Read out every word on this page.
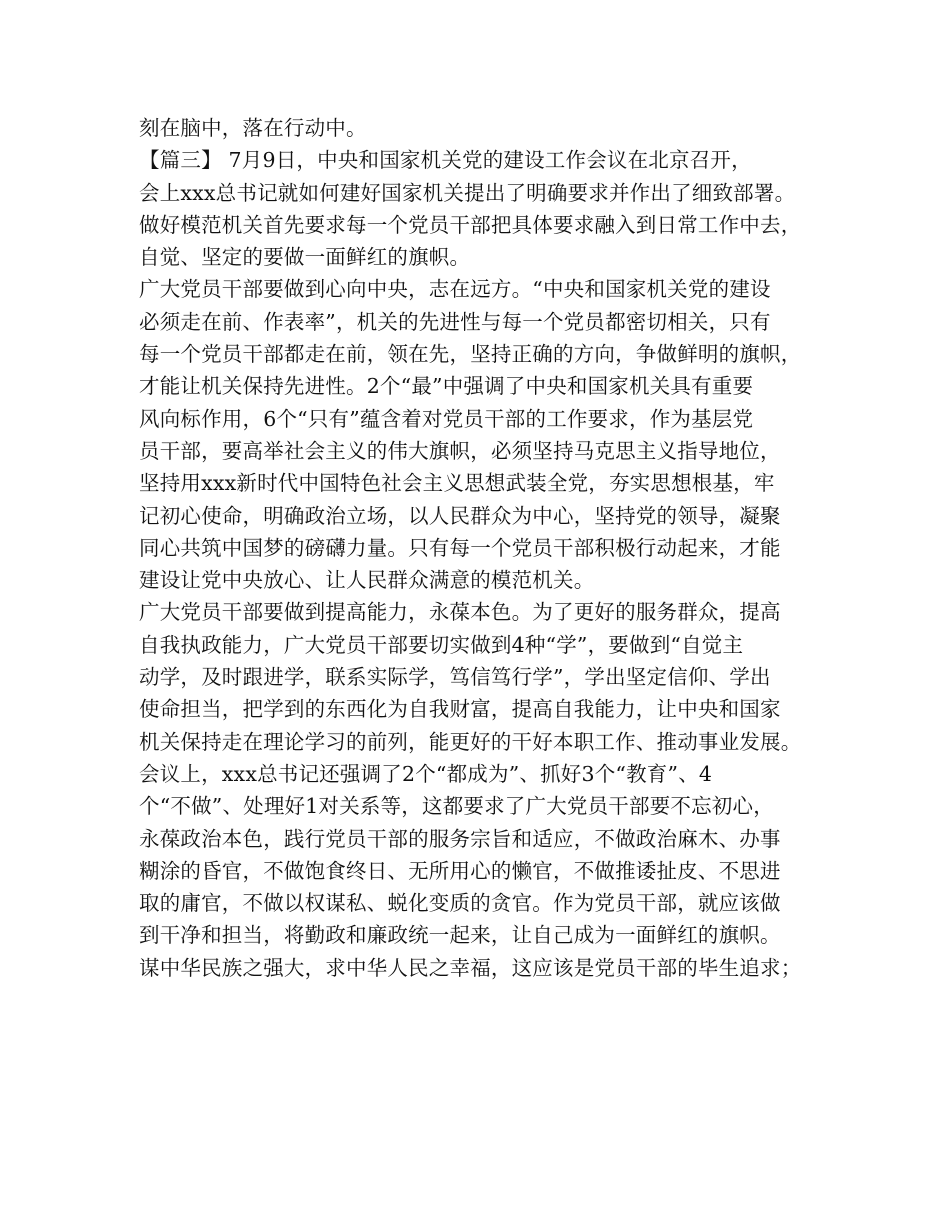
刻在脑中，落在行动中。
【篇三】 7月9日，中央和国家机关党的建设工作会议在北京召开，
会上xxx总书记就如何建好国家机关提出了明确要求并作出了细致部署。
做好模范机关首先要求每一个党员干部把具体要求融入到日常工作中去，
自觉、坚定的要做一面鲜红的旗帜。
广大党员干部要做到心向中央，志在远方。“中央和国家机关党的建设
必须走在前、作表率”，机关的先进性与每一个党员都密切相关，只有
每一个党员干部都走在前，领在先，坚持正确的方向，争做鲜明的旗帜，
才能让机关保持先进性。2个“最”中强调了中央和国家机关具有重要
风向标作用，6个“只有”蕴含着对党员干部的工作要求，作为基层党
员干部，要高举社会主义的伟大旗帜，必须坚持马克思主义指导地位，
坚持用xxx新时代中国特色社会主义思想武装全党，夯实思想根基，牢
记初心使命，明确政治立场，以人民群众为中心，坚持党的领导，凝聚
同心共筑中国梦的磅礴力量。只有每一个党员干部积极行动起来，才能
建设让党中央放心、让人民群众满意的模范机关。
广大党员干部要做到提高能力，永葆本色。为了更好的服务群众，提高
自我执政能力，广大党员干部要切实做到4种“学”，要做到“自觉主
动学，及时跟进学，联系实际学，笃信笃行学”，学出坚定信仰、学出
使命担当，把学到的东西化为自我财富，提高自我能力，让中央和国家
机关保持走在理论学习的前列，能更好的干好本职工作、推动事业发展。
会议上，xxx总书记还强调了2个“都成为”、抓好3个“教育”、4
个“不做”、处理好1对关系等，这都要求了广大党员干部要不忘初心，
永葆政治本色，践行党员干部的服务宗旨和适应，不做政治麻木、办事
糊涂的昏官，不做饱食终日、无所用心的懒官，不做推诿扯皮、不思进
取的庸官，不做以权谋私、蜕化变质的贪官。作为党员干部，就应该做
到干净和担当，将勤政和廉政统一起来，让自己成为一面鲜红的旗帜。
谋中华民族之强大，求中华人民之幸福，这应该是党员干部的毕生追求；
